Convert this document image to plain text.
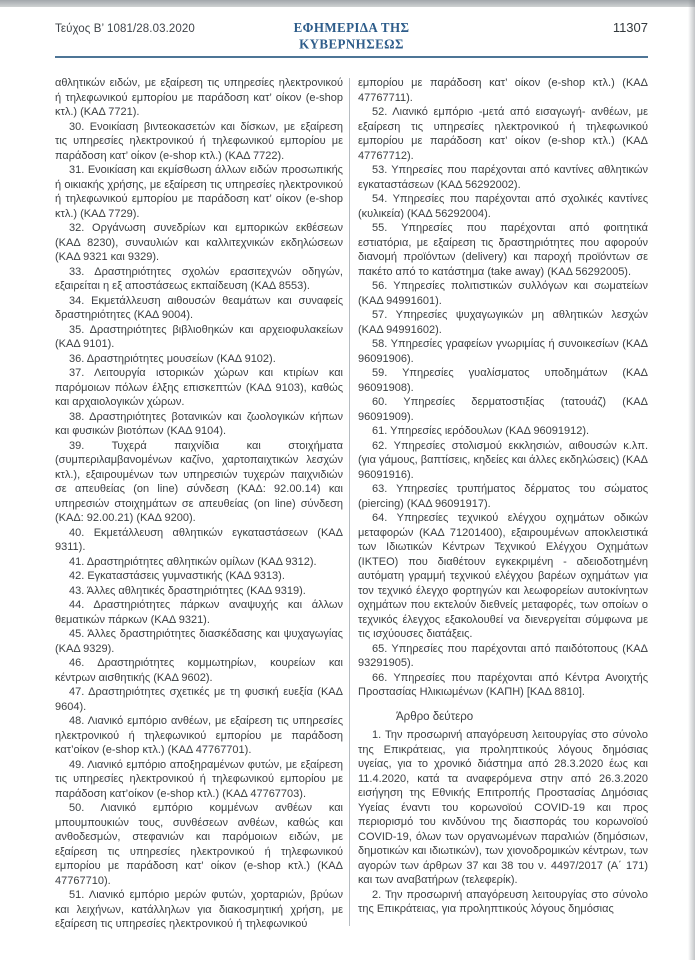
Τεύχος Β’ 1081/28.03.2020	ΕΦΗΜΕΡΙΔΑ ΤΗΣ ΚΥΒΕΡΝΗΣΕΩΣ
11307

αθλητικών ειδών, με εξαίρεση τις υπηρεσίες ηλεκτρονικού ή τηλεφωνικού εμπορίου με παράδοση κατ’ οίκον (e-shop κτλ.) (ΚΑΔ 7721).

30. Ενοικίαση βιντεοκασετών και δίσκων, με εξαίρεση τις υπηρεσίες ηλεκτρονικού ή τηλεφωνικού εμπορίου με παράδοση κατ’ οίκον (e-shop κτλ.) (ΚΑΔ 7722).

31. Ενοικίαση και εκμίσθωση άλλων ειδών προσωπικής ή οικιακής χρήσης, με εξαίρεση τις υπηρεσίες ηλεκτρονικού ή τηλεφωνικού εμπορίου με παράδοση κατ’ οίκον (e-shop κτλ.) (ΚΑΔ 7729).

32. Οργάνωση συνεδρίων και εμπορικών εκθέσεων (ΚΑΔ 8230), συναυλιών και καλλιτεχνικών εκδηλώσεων (ΚΑΔ 9321 και 9329).

33. Δραστηριότητες σχολών ερασιτεχνών οδηγών, εξαιρείται η εξ αποστάσεως εκπαίδευση (ΚΑΔ 8553).

34. Εκμετάλλευση αιθουσών θεαμάτων και συναφείς δραστηριότητες (ΚΑΔ 9004).

35. Δραστηριότητες βιβλιοθηκών και αρχειοφυλακείων (ΚΑΔ 9101).

36. Δραστηριότητες μουσείων (ΚΑΔ 9102).

37. Λειτουργία ιστορικών χώρων και κτιρίων και παρόμοιων πόλων έλξης επισκεπτών (ΚΑΔ 9103), καθώς και αρχαιολογικών χώρων.

38. Δραστηριότητες βοτανικών και ζωολογικών κήπων και φυσικών βιοτόπων (ΚΑΔ 9104).

39. Τυχερά παιχνίδια και στοιχήματα (συμπεριλαμβανομένων καζίνο, χαρτοπαιχτικών λεσχών κτλ.), εξαιρουμένων των υπηρεσιών τυχερών παιχνιδιών σε απευθείας (on line) σύνδεση (ΚΑΔ: 92.00.14) και υπηρεσιών στοιχημάτων σε απευθείας (on line) σύνδεση (ΚΑΔ: 92.00.21) (ΚΑΔ 9200).

40. Εκμετάλλευση αθλητικών εγκαταστάσεων (ΚΑΔ 9311).

41. Δραστηριότητες αθλητικών ομίλων (ΚΑΔ 9312).

42. Εγκαταστάσεις γυμναστικής (ΚΑΔ 9313).

43. Άλλες αθλητικές δραστηριότητες (ΚΑΔ 9319).

44. Δραστηριότητες πάρκων αναψυχής και άλλων θεματικών πάρκων (ΚΑΔ 9321).

45. Άλλες δραστηριότητες διασκέδασης και ψυχαγωγίας (ΚΑΔ 9329).

46. Δραστηριότητες κομμωτηρίων, κουρείων και κέντρων αισθητικής (ΚΑΔ 9602).

47. Δραστηριότητες σχετικές με τη φυσική ευεξία (ΚΑΔ 9604).

48. Λιανικό εμπόριο ανθέων, με εξαίρεση τις υπηρεσίες ηλεκτρονικού ή τηλεφωνικού εμπορίου με παράδοση κατ’οίκον (e-shop κτλ.) (ΚΑΔ 47767701).

49. Λιανικό εμπόριο αποξηραμένων φυτών, με εξαίρεση τις υπηρεσίες ηλεκτρονικού ή τηλεφωνικού εμπορίου με παράδοση κατ’οίκον (e-shop κτλ.) (ΚΑΔ 47767703).

50. Λιανικό εμπόριο κομμένων ανθέων και μπουμπουκιών τους, συνθέσεων ανθέων, καθώς και ανθοδεσμών, στεφανιών και παρόμοιων ειδών, με εξαίρεση τις υπηρεσίες ηλεκτρονικού ή τηλεφωνικού εμπορίου με παράδοση κατ’ οίκον (e-shop κτλ.) (ΚΑΔ 47767710).

51. Λιανικό εμπόριο μερών φυτών, χορταριών, βρύων και λειχήνων, κατάλληλων για διακοσμητική χρήση, με εξαίρεση τις υπηρεσίες ηλεκτρονικού ή τηλεφωνικού

εμπορίου με παράδοση κατ’ οίκον (e-shop κτλ.) (ΚΑΔ 47767711).

52. Λιανικό εμπόριο -μετά από εισαγωγή- ανθέων, με εξαίρεση τις υπηρεσίες ηλεκτρονικού ή τηλεφωνικού εμπορίου με παράδοση κατ’ οίκον (e-shop κτλ.) (ΚΑΔ 47767712).

53. Υπηρεσίες που παρέχονται από καντίνες αθλητικών εγκαταστάσεων (ΚΑΔ 56292002).

54. Υπηρεσίες που παρέχονται από σχολικές καντίνες (κυλικεία) (ΚΑΔ 56292004).

55. Υπηρεσίες που παρέχονται από φοιτητικά εστιατόρια, με εξαίρεση τις δραστηριότητες που αφορούν διανομή προϊόντων (delivery) και παροχή προϊόντων σε πακέτο από το κατάστημα (take away) (ΚΑΔ 56292005).

56. Υπηρεσίες πολιτιστικών συλλόγων και σωματείων (ΚΑΔ 94991601).

57. Υπηρεσίες ψυχαγωγικών μη αθλητικών λεσχών (ΚΑΔ 94991602).

58. Υπηρεσίες γραφείων γνωριμίας ή συνοικεσίων (ΚΑΔ 96091906).

59. Υπηρεσίες γυαλίσματος υποδημάτων (ΚΑΔ 96091908).

60. Υπηρεσίες δερματοστιξίας (τατουάζ) (ΚΑΔ 96091909).

61. Υπηρεσίες ιερόδουλων (ΚΑΔ 96091912).

62. Υπηρεσίες στολισμού εκκλησιών, αιθουσών κ.λπ. (για γάμους, βαπτίσεις, κηδείες και άλλες εκδηλώσεις) (ΚΑΔ 96091916).

63. Υπηρεσίες τρυπήματος δέρματος του σώματος (piercing) (ΚΑΔ 96091917).

64. Υπηρεσίες τεχνικού ελέγχου οχημάτων οδικών μεταφορών (ΚΑΔ 71201400), εξαιρουμένων αποκλειστικά των Ιδιωτικών Κέντρων Τεχνικού Ελέγχου Οχημάτων (ΙΚΤΕΟ) που διαθέτουν εγκεκριμένη - αδειοδοτημένη αυτόματη γραμμή τεχνικού ελέγχου βαρέων οχημάτων για τον τεχνικό έλεγχο φορτηγών και λεωφορείων αυτοκίνητων οχημάτων που εκτελούν διεθνείς μεταφορές, των οποίων ο τεχνικός έλεγχος εξακολουθεί να διενεργείται σύμφωνα με τις ισχύουσες διατάξεις.

65. Υπηρεσίες που παρέχονται από παιδότοπους (ΚΑΔ 93291905).

66. Υπηρεσίες που παρέχονται από Κέντρα Ανοιχτής Προστασίας Ηλικιωμένων (ΚΑΠΗ) [ΚΑΔ 8810].

Άρθρο δεύτερο

1. Την προσωρινή απαγόρευση λειτουργίας στο σύνολο της Επικράτειας, για προληπτικούς λόγους δημόσιας υγείας, για το χρονικό διάστημα από 28.3.2020 έως και 11.4.2020, κατά τα αναφερόμενα στην από 26.3.2020 εισήγηση της Εθνικής Επιτροπής Προστασίας Δημόσιας Υγείας έναντι του κορωνοϊού COVID-19 και προς περιορισμό του κινδύνου της διασποράς του κορωνοϊού COVID-19, όλων των οργανωμένων παραλιών (δημόσιων, δημοτικών και ιδιωτικών), των χιονοδρομικών κέντρων, των αγορών των άρθρων 37 και 38 του ν. 4497/2017 (Α΄ 171) και των αναβατήρων (τελεφερίκ).

2. Την προσωρινή απαγόρευση λειτουργίας στο σύνολο της Επικράτειας, για προληπτικούς λόγους δημόσιας
